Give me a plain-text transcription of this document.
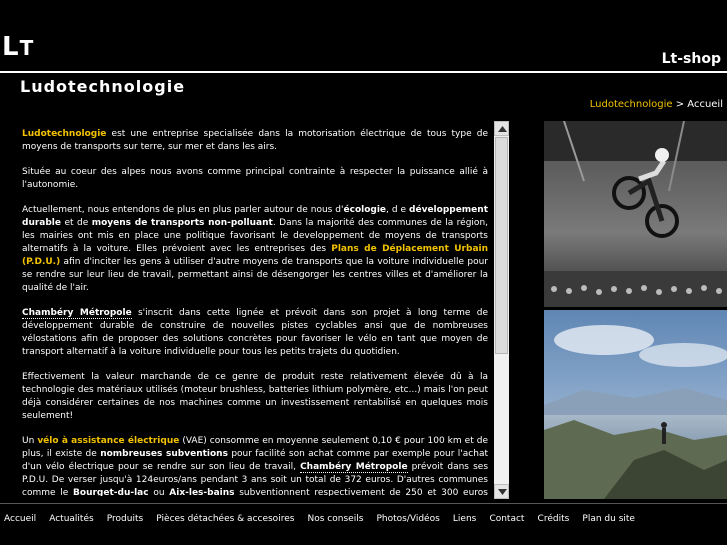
LT	Lt-shop
Ludotechnologie
Ludotechnologie > Accueil

Ludotechnologie est une entreprise specialisée dans la motorisation électrique de tous type de moyens de transports sur terre, sur mer et dans les airs.

Située au coeur des alpes nous avons comme principal contrainte à respecter la puissance allié à l'autonomie.

Actuellement, nous entendons de plus en plus parler autour de nous d'écologie, d e développement durable et de moyens de transports non-polluant. Dans la majorité des communes de la région, les mairies ont mis en place une politique favorisant le developpement de moyens de transports alternatifs à la voiture. Elles prévoient avec les entreprises des Plans de Déplacement Urbain (P.D.U.) afin d'inciter les gens à utiliser d'autre moyens de transports que la voiture individuelle pour se rendre sur leur lieu de travail, permettant ainsi de désengorger les centres villes et d'améliorer la qualité de l'air.

Chambéry Métropole s'inscrit dans cette lignée et prévoit dans son projet à long terme de développement durable de construire de nouvelles pistes cyclables ansi que de nombreuses vélostations afin de proposer des solutions concrètes pour favoriser le vélo en tant que moyen de transport alternatif à la voiture individuelle pour tous les petits trajets du quotidien.

Effectivement la valeur marchande de ce genre de produit reste relativement élevée dû à la technologie des matériaux utilisés (moteur brushless, batteries lithium polymère, etc...) mais l'on peut déjà considérer certaines de nos machines comme un investissement rentabilisé en quelques mois seulement!

Un vélo à assistance électrique (VAE) consomme en moyenne seulement 0,10 € pour 100 km et de plus, il existe de nombreuses subventions pour facilité son achat comme par exemple pour l'achat d'un vélo électrique pour se rendre sur son lieu de travail, Chambéry Métropole prévoit dans ses P.D.U. De verser jusqu'à 124euros/ans pendant 3 ans soit un total de 372 euros. D'autres communes comme le Bourget-du-lac ou Aix-les-bains subventionnent respectivement de 250 et 300 euros

Accueil Actualités Produits Pièces détachées & accesoires Nos conseils Photos/Vidéos Liens Contact Crédits Plan du site
